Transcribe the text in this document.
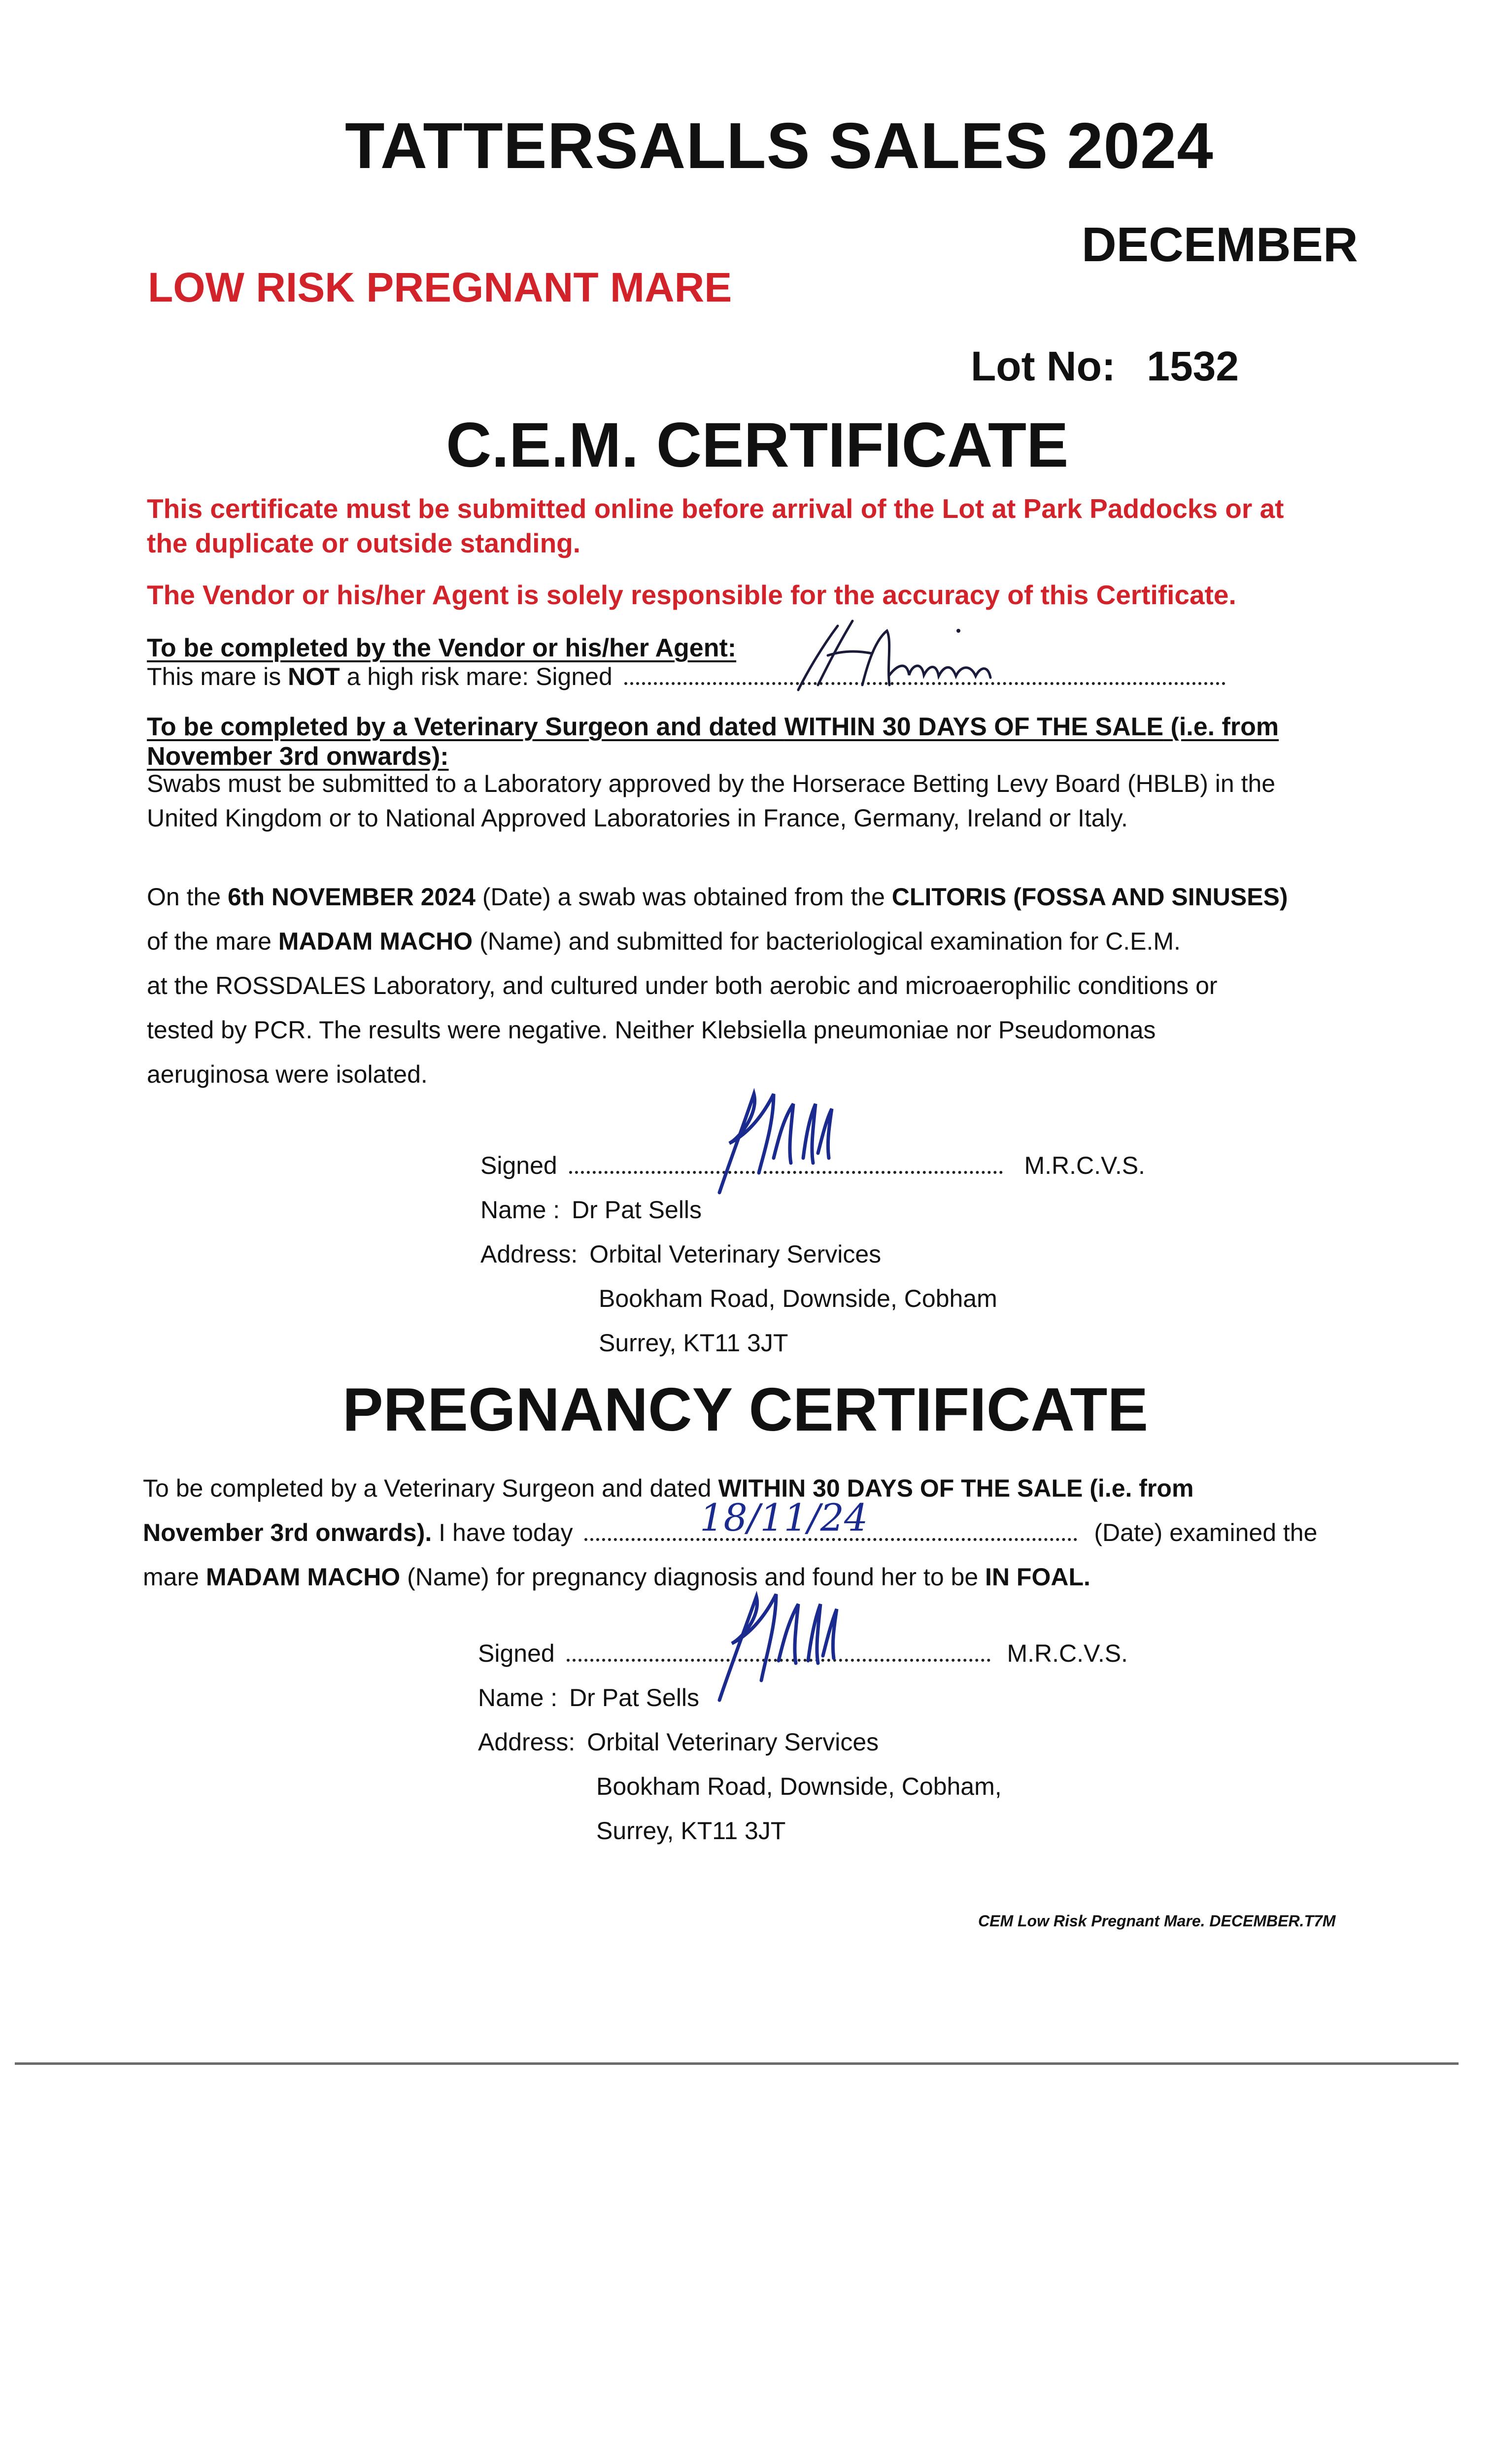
TATTERSALLS SALES 2024
DECEMBER
LOW RISK PREGNANT MARE
Lot No: 1532
C.E.M. CERTIFICATE
This certificate must be submitted online before arrival of the Lot at Park Paddocks or at
the duplicate or outside standing.
The Vendor or his/her Agent is solely responsible for the accuracy of this Certificate.
To be completed by the Vendor or his/her Agent:
This mare is NOT a high risk mare: Signed
To be completed by a Veterinary Surgeon and dated WITHIN 30 DAYS OF THE SALE (i.e. from
November 3rd onwards):
Swabs must be submitted to a Laboratory approved by the Horserace Betting Levy Board (HBLB) in the
United Kingdom or to National Approved Laboratories in France, Germany, Ireland or Italy.
On the 6th NOVEMBER 2024 (Date) a swab was obtained from the CLITORIS (FOSSA AND SINUSES)
of the mare MADAM MACHO (Name) and submitted for bacteriological examination for C.E.M.
at the ROSSDALES Laboratory, and cultured under both aerobic and microaerophilic conditions or
tested by PCR. The results were negative. Neither Klebsiella pneumoniae nor Pseudomonas
aeruginosa were isolated.
Signed	M.R.C.V.S.
Name : Dr Pat Sells
Address: Orbital Veterinary Services
Bookham Road, Downside, Cobham
Surrey, KT11 3JT
PREGNANCY CERTIFICATE
To be completed by a Veterinary Surgeon and dated WITHIN 30 DAYS OF THE SALE (i.e. from
November 3rd onwards). I have today	(Date) examined the
18/11/24
mare MADAM MACHO (Name) for pregnancy diagnosis and found her to be IN FOAL.
Signed	M.R.C.V.S.
Name : Dr Pat Sells
Address: Orbital Veterinary Services
Bookham Road, Downside, Cobham,
Surrey, KT11 3JT
CEM Low Risk Pregnant Mare. DECEMBER.T7M
